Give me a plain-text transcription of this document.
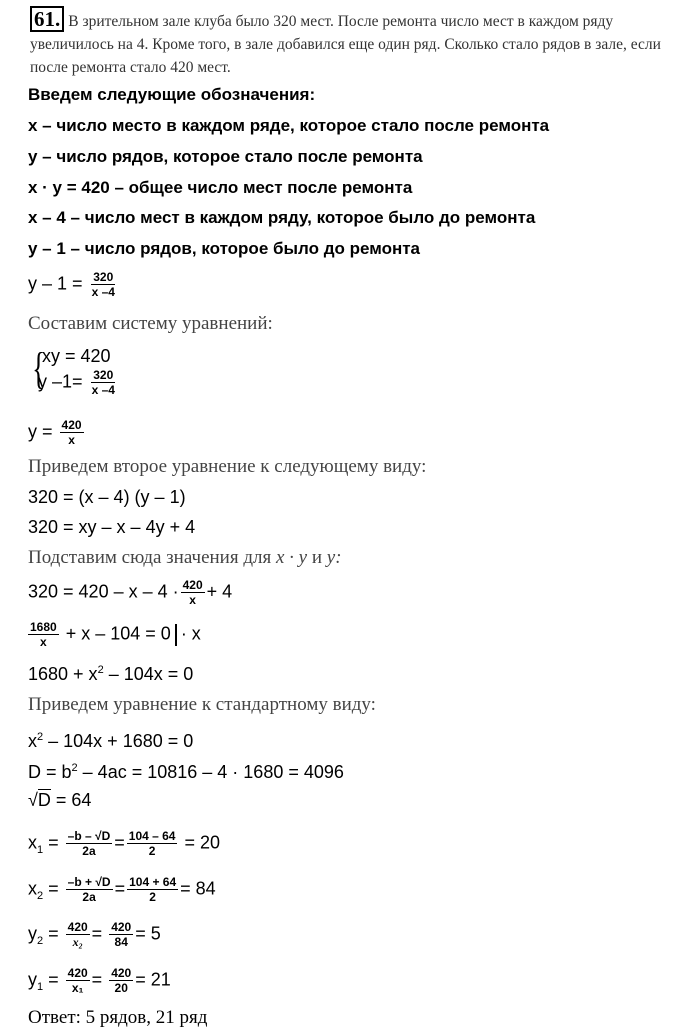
61. В зрительном зале клуба было 320 мест. После ремонта число мест в каждом ряду увеличилось на 4. Кроме того, в зале добавился еще один ряд. Сколько стало рядов в зале, если после ремонта стало 420 мест.
Введем следующие обозначения:
x – число место в каждом ряде, которое стало после ремонта
y – число рядов, которое стало после ремонта
x · y = 420 – общее число мест после ремонта
x – 4 – число мест в каждом ряду, которое было до ремонта
y – 1 – число рядов, которое было до ремонта
$y - 1 = \frac{320}{x -4}$
Составим систему уравнений:
{
xy = 420
y $-1= \frac{320}{x -4}$
$y = \frac{420}{x}$
Приведем второе уравнение к следующему виду:
320 = (x – 4) (y – 1)
320 = xy – x – 4y + 4
Подставим сюда значения для x · y и y:
$320 = 420 - x - 4 \cdot \frac{420}{x} + 4$
$\frac{1680}{x} + x - 104 = 0 \cdot x$
$1680 + x^2 - 104x = 0$
Приведем уравнение к стандартному виду:
$x^2 - 104x + 1680 = 0$
$D = b^2 - 4ac = 10816 - 4 \cdot 1680 = 4096$
√D = 64
$x_1 = \frac{-b - √D}{2a} = \frac{104 - 64}{2} = 20$
$x_2 = \frac{-b + √D}{2a} = \frac{104 + 64}{2} = 84$
$y_2 = \frac{420}{\text{x₂}} = \frac{420}{84} = 5$
$y_1 = \frac{420}{\text{x₁}} = \frac{420}{20} = 21$
Ответ: 5 рядов, 21 ряд
